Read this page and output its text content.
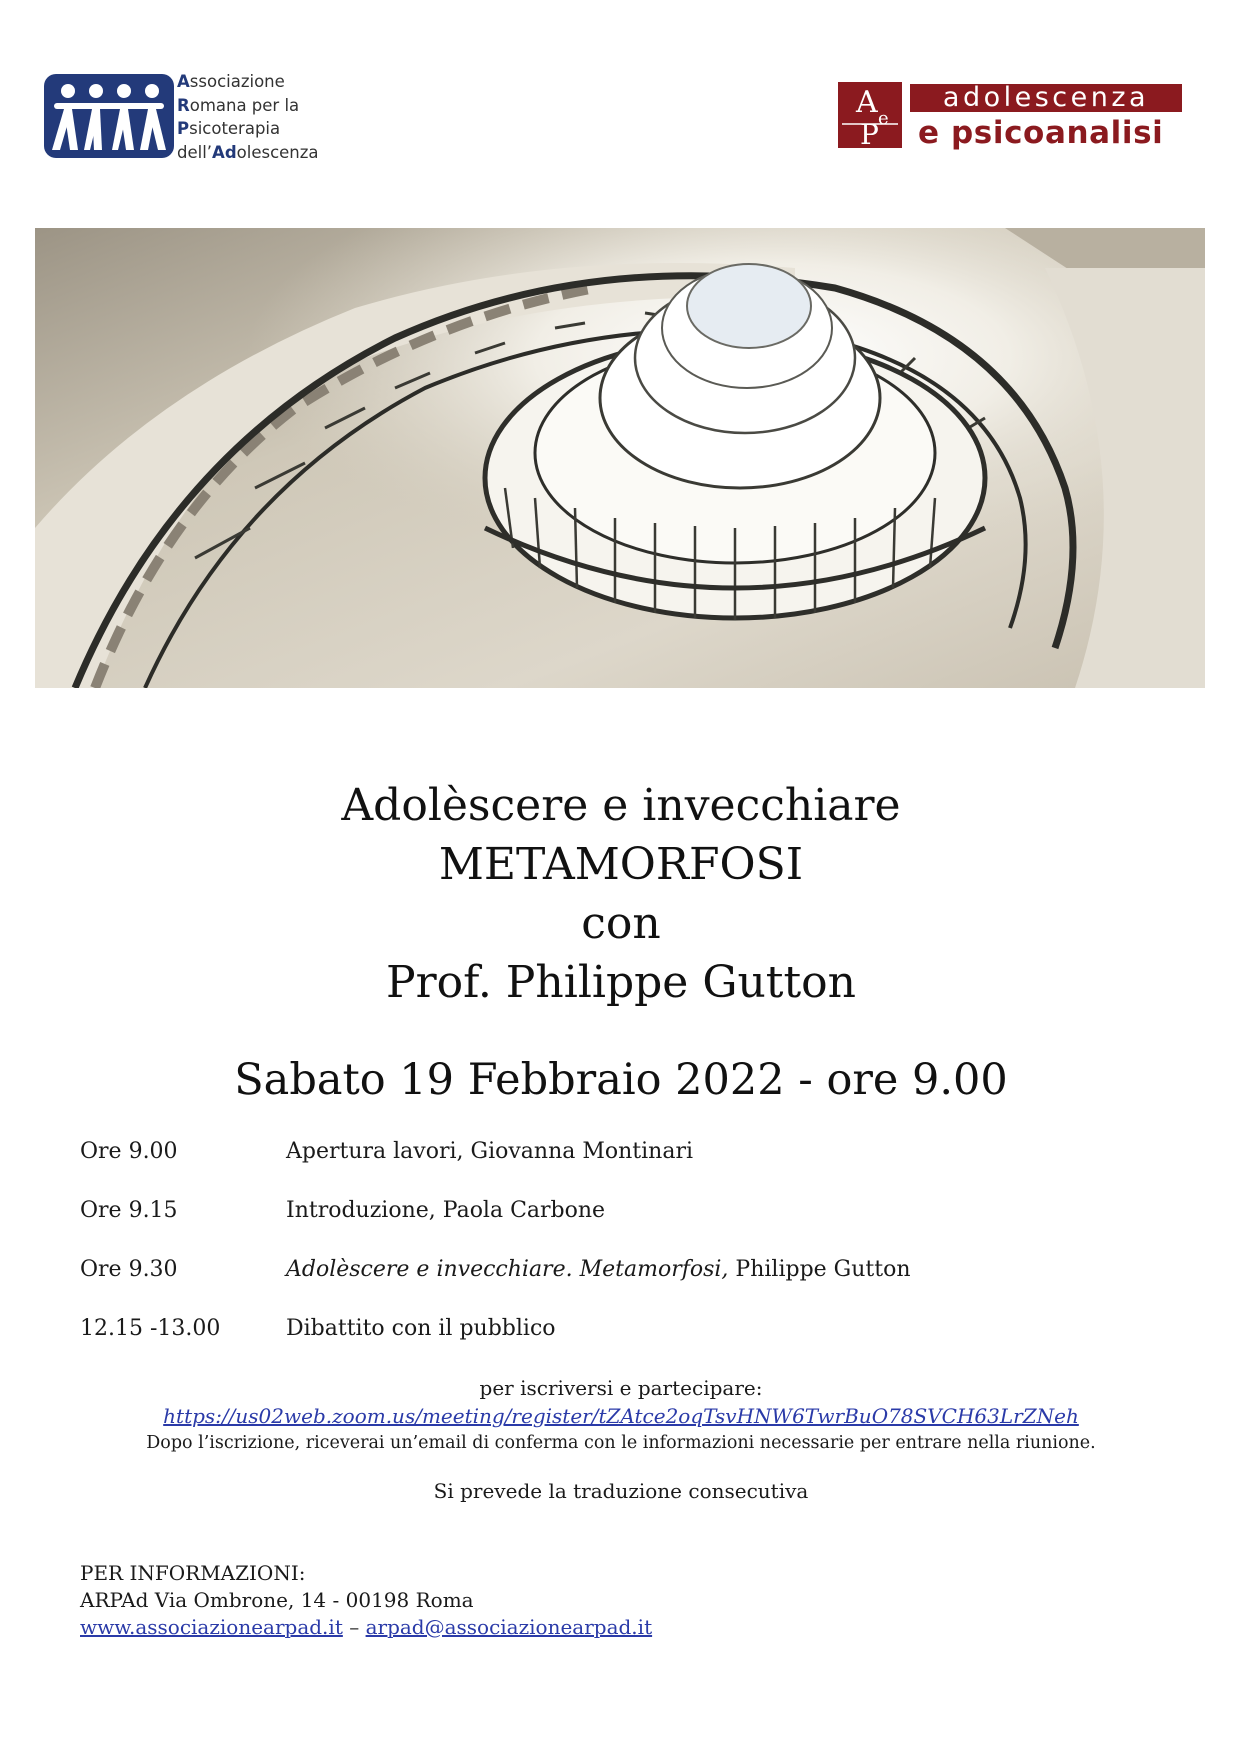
Associazione
Romana per la
Psicoterapia
dell’Adolescenza
A e
P
adolescenza
e psicoanalisi
Adolèscere e invecchiare
METAMORFOSI
con
Prof. Philippe Gutton
Sabato 19 Febbraio 2022 - ore 9.00
Ore 9.00	Apertura lavori, Giovanna Montinari
Ore 9.15	Introduzione, Paola Carbone
Ore 9.30	Adolèscere e invecchiare. Metamorfosi, Philippe Gutton
12.15 -13.00	Dibattito con il pubblico
per iscriversi e partecipare:
https://us02web.zoom.us/meeting/register/tZAtce2oqTsvHNW6TwrBuO78SVCH63LrZNeh
Dopo l’iscrizione, riceverai un’email di conferma con le informazioni necessarie per entrare nella riunione.
Si prevede la traduzione consecutiva
PER INFORMAZIONI:
ARPAd Via Ombrone, 14 - 00198 Roma
www.associazionearpad.it – arpad@associazionearpad.it
